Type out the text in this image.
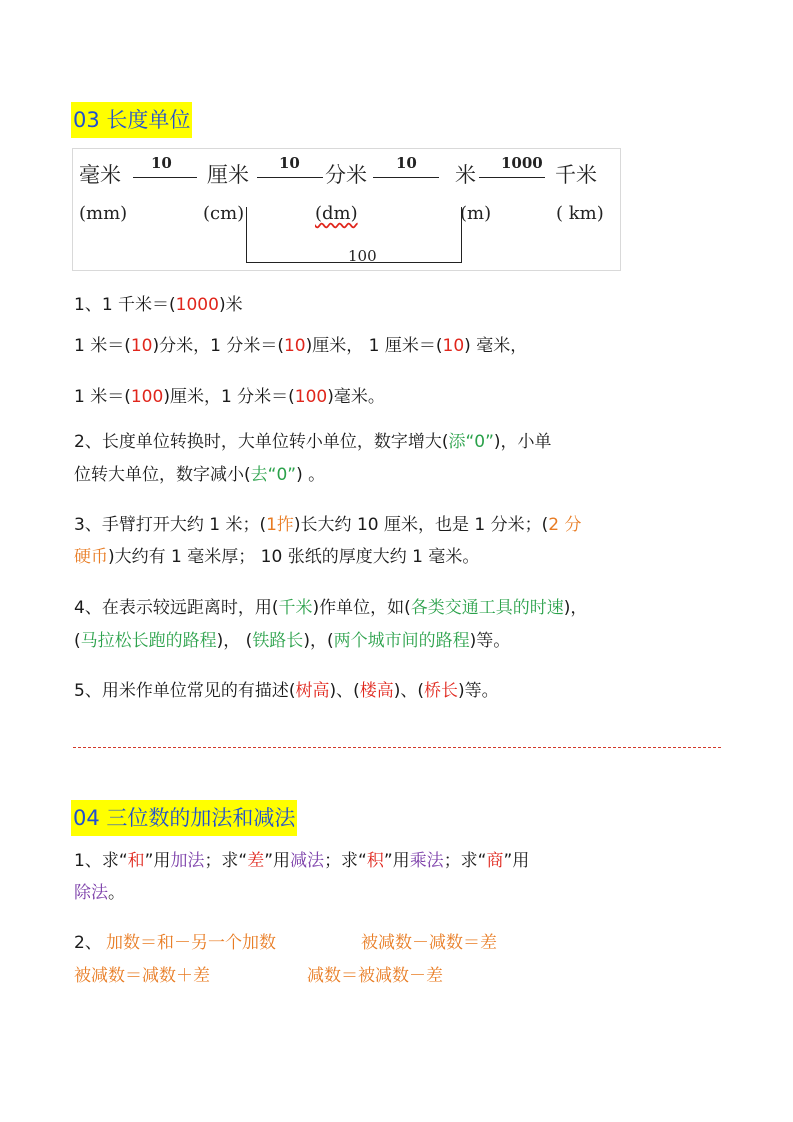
03 长度单位
毫米	厘米	分米	米	千米
10	10	10	1000
(mm)	(cm)	(dm)	(m)	( km)
100
1、1 千米＝(1000)米
1 米＝(10)分米，1 分米＝(10)厘米， 1 厘米＝(10) 毫米，
1 米＝(100)厘米，1 分米＝(100)毫米。
2、长度单位转换时，大单位转小单位，数字增大(添“0”)，小单
位转大单位，数字减小(去“0”) 。
3、手臂打开大约 1 米；(1拃)长大约 10 厘米，也是 1 分米；(2 分
硬币)大约有 1 毫米厚； 10 张纸的厚度大约 1 毫米。
4、在表示较远距离时，用(千米)作单位，如(各类交通工具的时速)，
(马拉松长跑的路程)， (铁路长)，(两个城市间的路程)等。
5、用米作单位常见的有描述(树高)、(楼高)、(桥长)等。
04 三位数的加法和减法
1、求“和”用加法；求“差”用减法；求“积”用乘法；求“商”用
除法。
2、 加数＝和－另一个加数	被减数－减数＝差
被减数＝减数＋差	减数＝被减数－差
